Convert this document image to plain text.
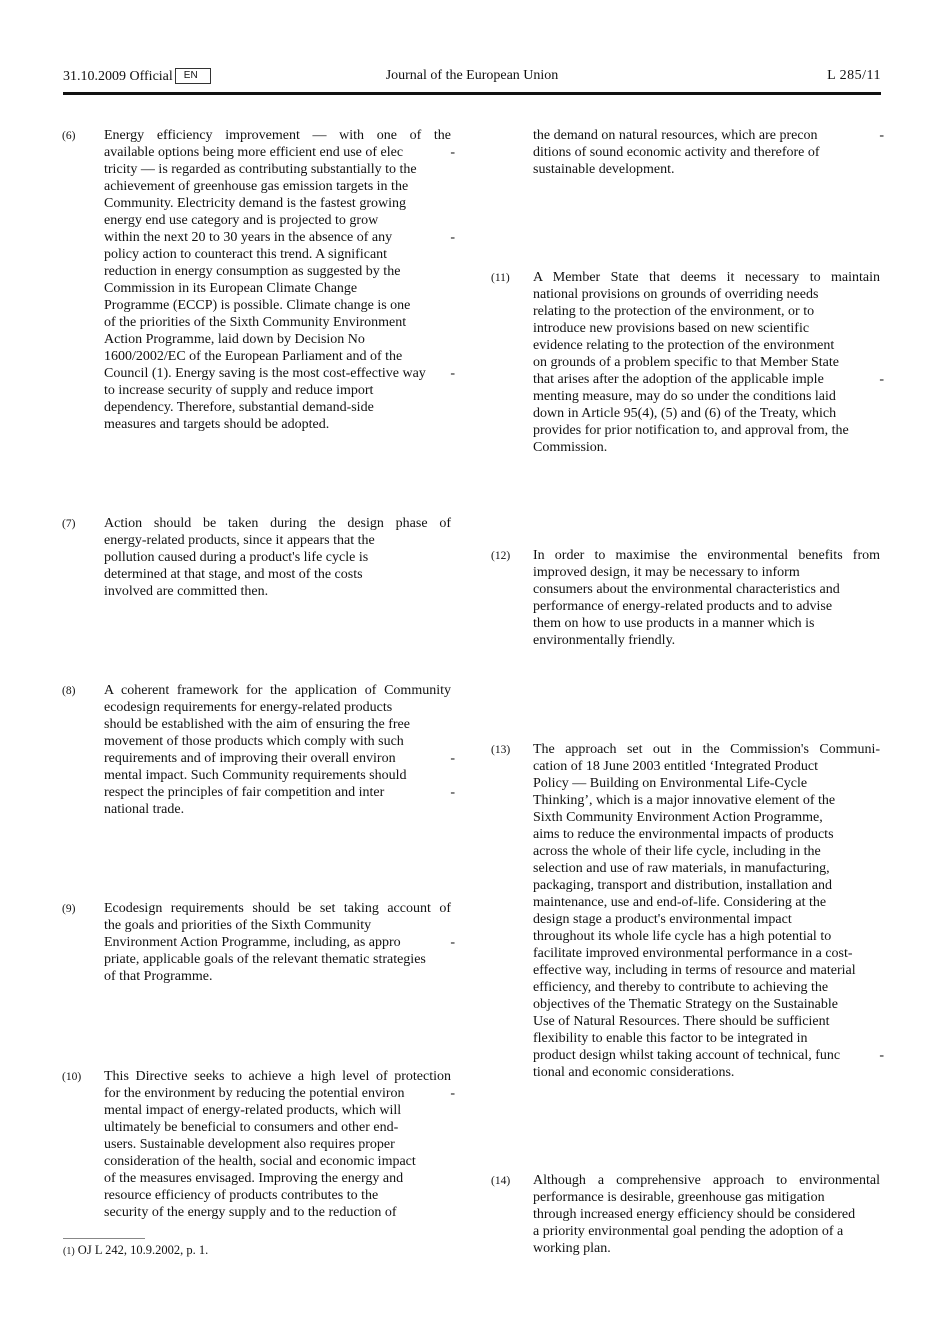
31.10.2009 Official EN	Journal of the European Union	L 285/11
(6)	Energy efficiency improvement — with one of the
available options being more efficient end use of elec	-
tricity — is regarded as contributing substantially to the
achievement of greenhouse gas emission targets in the
Community. Electricity demand is the fastest growing
energy end use category and is projected to grow
within the next 20 to 30 years in the absence of any	-
policy action to counteract this trend. A significant
reduction in energy consumption as suggested by the
Commission in its European Climate Change
Programme (ECCP) is possible. Climate change is one
of the priorities of the Sixth Community Environment
Action Programme, laid down by Decision No
1600/2002/EC of the European Parliament and of the
Council (1). Energy saving is the most cost-effective way -
to increase security of supply and reduce import
dependency. Therefore, substantial demand-side
measures and targets should be adopted.
(7)	Action should be taken during the design phase of
energy-related products, since it appears that the
pollution caused during a product's life cycle is
determined at that stage, and most of the costs
involved are committed then.
(8)	A coherent framework for the application of Community
ecodesign requirements for energy-related products
should be established with the aim of ensuring the free
movement of those products which comply with such
requirements and of improving their overall environ	-
mental impact. Such Community requirements should
respect the principles of fair competition and inter	-
national trade.
(9)	Ecodesign requirements should be set taking account of
the goals and priorities of the Sixth Community
Environment Action Programme, including, as appro	-
priate, applicable goals of the relevant thematic strategies
of that Programme.
(10)	This Directive seeks to achieve a high level of protection
for the environment by reducing the potential environ	-
mental impact of energy-related products, which will
ultimately be beneficial to consumers and other end-
users. Sustainable development also requires proper
consideration of the health, social and economic impact
of the measures envisaged. Improving the energy and
resource efficiency of products contributes to the
security of the energy supply and to the reduction of
the demand on natural resources, which are precon	-
ditions of sound economic activity and therefore of
sustainable development.
(11)	A Member State that deems it necessary to maintain
national provisions on grounds of overriding needs
relating to the protection of the environment, or to
introduce new provisions based on new scientific
evidence relating to the protection of the environment
on grounds of a problem specific to that Member State
that arises after the adoption of the applicable imple	-
menting measure, may do so under the conditions laid
down in Article 95(4), (5) and (6) of the Treaty, which
provides for prior notification to, and approval from, the
Commission.
(12)	In order to maximise the environmental benefits from
improved design, it may be necessary to inform
consumers about the environmental characteristics and
performance of energy-related products and to advise
them on how to use products in a manner which is
environmentally friendly.
(13)	The approach set out in the Commission's Communi-
cation of 18 June 2003 entitled ‘Integrated Product
Policy — Building on Environmental Life-Cycle
Thinking’, which is a major innovative element of the
Sixth Community Environment Action Programme,
aims to reduce the environmental impacts of products
across the whole of their life cycle, including in the
selection and use of raw materials, in manufacturing,
packaging, transport and distribution, installation and
maintenance, use and end-of-life. Considering at the
design stage a product's environmental impact
throughout its whole life cycle has a high potential to
facilitate improved environmental performance in a cost-
effective way, including in terms of resource and material
efficiency, and thereby to contribute to achieving the
objectives of the Thematic Strategy on the Sustainable
Use of Natural Resources. There should be sufficient
flexibility to enable this factor to be integrated in
product design whilst taking account of technical, func	-
tional and economic considerations.
(14)	Although a comprehensive approach to environmental
performance is desirable, greenhouse gas mitigation
through increased energy efficiency should be considered
a priority environmental goal pending the adoption of a
working plan.
(1) OJ L 242, 10.9.2002, p. 1.
